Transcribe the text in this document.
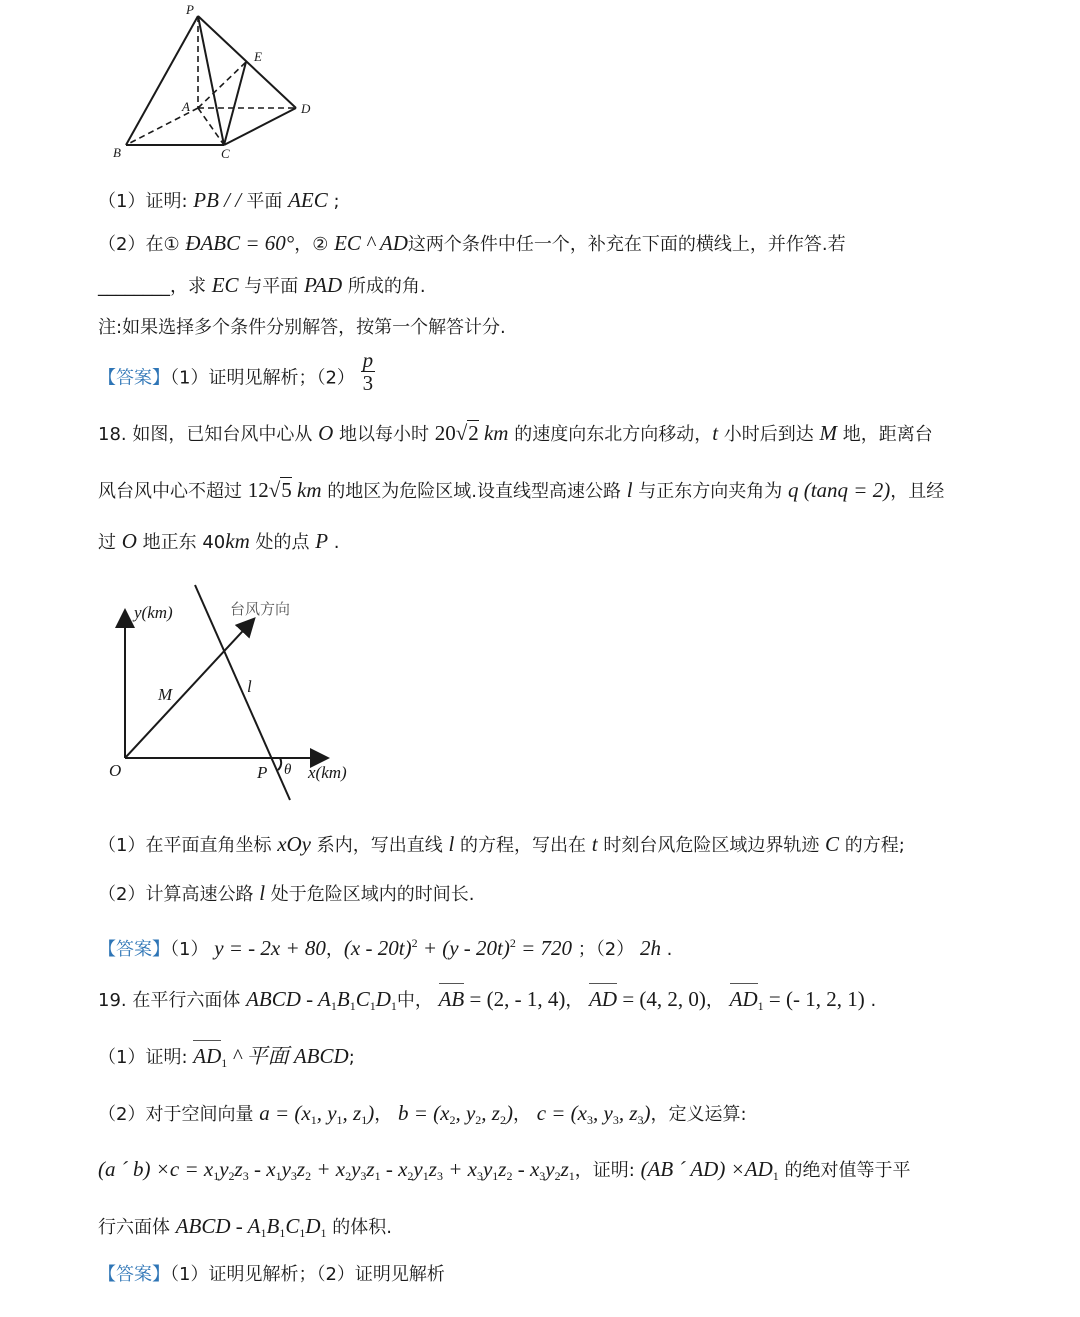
P
E
A	D
B	C
（1）证明: PB / / 平面 AEC ;
（2）在① ÐABC = 60°，② EC ^ AD这两个条件中任一个，补充在下面的横线上，并作答.若
________，求 EC 与平面 PAD 所成的角.
注:如果选择多个条件分别解答，按第一个解答计分.
【答案】（1）证明见解析；$(2) \frac{p}{3}$
18. 如图，已知台风中心从 O 地以每小时 20√2 km 的速度向东北方向移动，t 小时后到达 M 地，距离台
风台风中心不超过 12√5 km 的地区为危险区域.设直线型高速公路 l 与正东方向夹角为 q (tanq = 2)，且经
过 O 地正东 40km 处的点 P .
y(km)	台风方向
M	l
O	P θ x(km)
（1）在平面直角坐标 xOy 系内，写出直线 l 的方程，写出在 t 时刻台风危险区域边界轨迹 C 的方程;
（2）计算高速公路 l 处于危险区域内的时间长.
【答案】（1） y = - 2x + 80，(x - 20t)$^2$ + (y - 20t)$^2$ = 720 ；（2） 2h .
19. 在平行六面体 ABCD - $A_1B_1C_1D_1$中， AB = (2, - 1, 4)， AD = (4, 2, 0)， $AD_1$ = (- 1, 2, 1) .
（1）证明: $AD_1$ ^ 平面 ABCD;
（2）对于空间向量 $a = (x_1$, $y_1$, $z_1$)， $b = (x_2$, $y_2$, $z_2$)， $c = (x_3$, $y_3$, $z_3$)，定义运算:
(a ´ $b) \times c = x_1y_2z_3 - x_1y_3z_2 + x_2y_3z_1 - x_2y_1z_3 + x_3y_1z_2 - x_3y_2z_1$，证明: (AB ´ $AD) \times AD_1$ 的绝对值等于平
行六面体 ABCD - $A_1B_1C_1D_1$ 的体积.
【答案】（1）证明见解析；（2）证明见解析
